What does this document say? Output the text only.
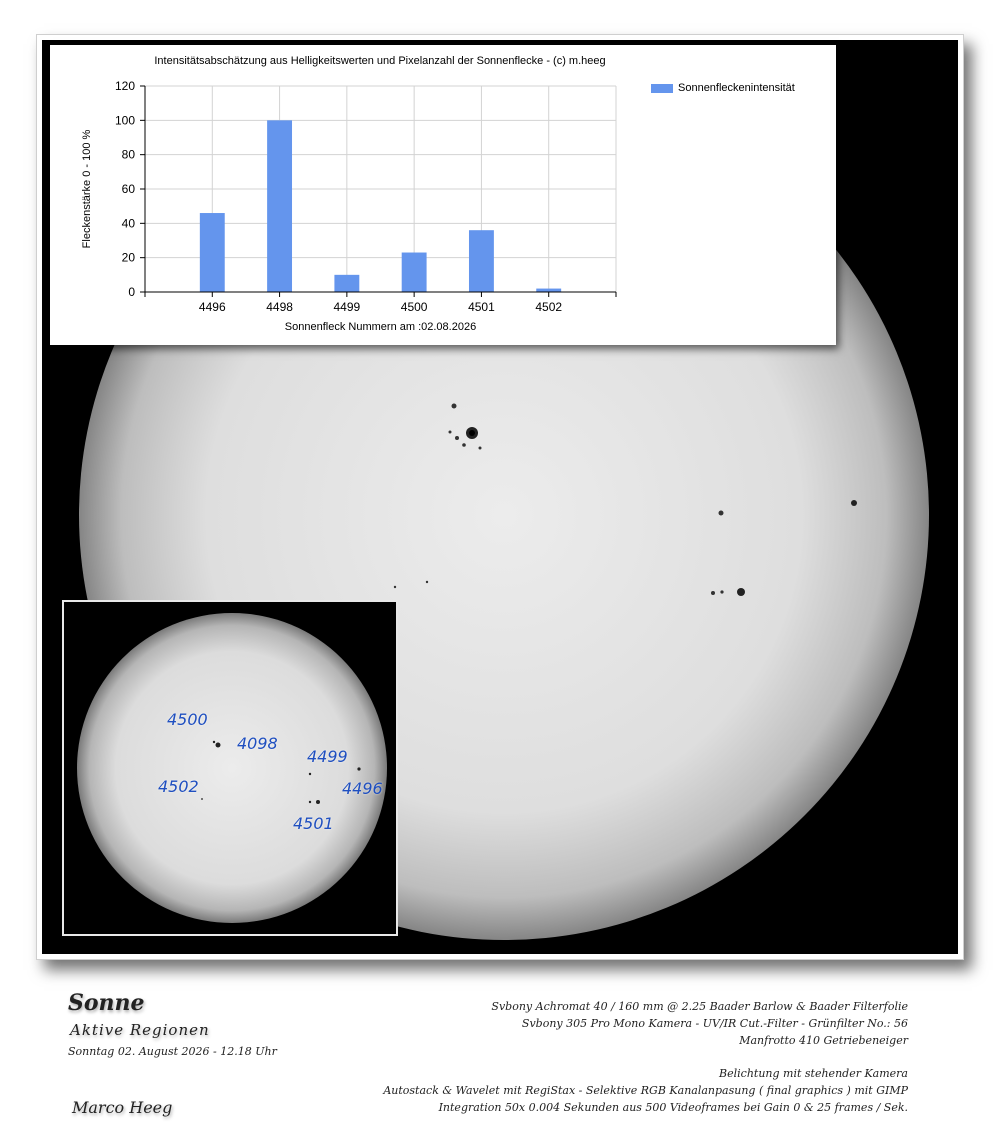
Intensitätsabschätzung aus Helligkeitswerten und Pixelanzahl der Sonnenflecke - (c) m.heeg
0
20
40
60
80
100
120
4496	4498	4499	4500	4501	4502
Sonnenfleck Nummern am :02.08.2026
Fleckenstärke 0 - 100 %
Sonnenfleckenintensität
4500
4098
4499
4502	4496
4501
Sonne
Aktive Regionen
Sonntag 02. August 2026 - 12.18 Uhr
Marco Heeg
Svbony Achromat 40 / 160 mm @ 2.25 Baader Barlow & Baader Filterfolie
Svbony 305 Pro Mono Kamera - UV/IR Cut.-Filter - Grünfilter No.: 56
Manfrotto 410 Getriebeneiger
Belichtung mit stehender Kamera
Autostack & Wavelet mit RegiStax - Selektive RGB Kanalanpasung ( final graphics ) mit GIMP
Integration 50x 0.004 Sekunden aus 500 Videoframes bei Gain 0 & 25 frames / Sek.
